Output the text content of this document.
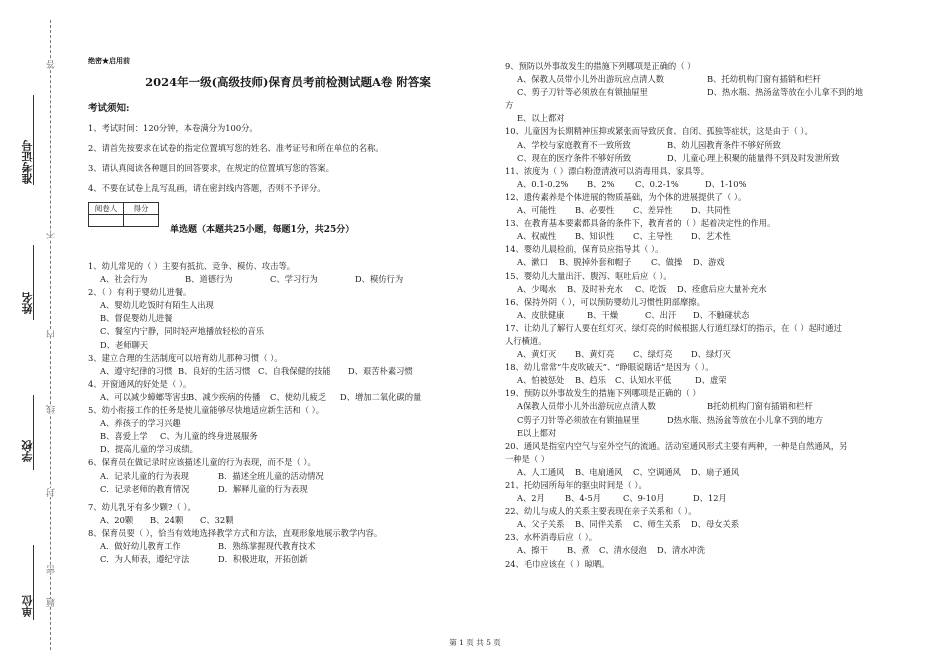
答
不
内
线
封
密
题
准考证号
姓名
学校
单位
绝密★启用前
2024年一级(高级技师)保育员考前检测试题A卷 附答案
考试须知:
1、考试时间：120分钟，本卷满分为100分。
2、请首先按要求在试卷的指定位置填写您的姓名、准考证号和所在单位的名称。
3、请认真阅读各种题目的回答要求，在规定的位置填写您的答案。
4、不要在试卷上乱写乱画，请在密封线内答题，否则不予评分。
阅卷人	得分

单选题（本题共25小题，每题1分，共25分）
1、幼儿常见的（ ）主要有抵抗、竞争、模仿、攻击等。
A、社会行为	B、道德行为	C、学习行为	D、模仿行为
2、（ ）有利于婴幼儿进餐。
A、婴幼儿吃饭时有陌生人出现
B、督促婴幼儿进餐
C、餐室内宁静，同时轻声地播放轻松的音乐
D、老师聊天
3、建立合理的生活制度可以培育幼儿那种习惯（ ）。
A、遵守纪律的习惯 B、良好的生活习惯 C、自我保健的技能	D、艰苦朴素习惯
4、开窗通风的好处是（ ）。
A、可以减少蟑螂等害虫 B、减少疾病的传播	C、使幼儿疲乏	D、增加二氧化碳的量
5、幼小衔接工作的任务是使儿童能够尽快地适应新生活和（ ）。
A、养孩子的学习兴趣
B、喜爱上学	C、为儿童的终身进展服务
D、提高儿童的学习成绩。
6、保育员在做记录时应该描述儿童的行为表现，而不是（ ）。
A．记录儿童的行为表现	B．描述全班儿童的活动情况
C．记录老师的教育情况	D．解释儿童的行为表现
7、幼儿乳牙有多少颗?（ ）。
A、20颗	B、24颗	C、32颗
8、保育员要（ ），恰当有效地选择教学方式和方法，直观形象地展示教学内容。
A．做好幼儿教育工作	B．熟练掌握现代教育技术
C．为人师表，遵纪守法	D．积极进取，开拓创新
9、预防以外事故发生的措施下列哪项是正确的（ ）
A、保教人员带小儿外出游玩应点清人数	B、托幼机构门窗有插销和栏杆
C、剪子刀针等必须放在有锁抽屉里	D、热水瓶、热汤盆等放在小儿拿不到的地
方
E、以上都对
10、儿童因为长期精神压抑或紧张而导致厌食、自闭、孤独等症状，这是由于（ ）。
A、学校与家庭教育不一致所致	B、幼儿园教育条件不够好所致
C、现在的医疗条件不够好所致	D、儿童心理上积聚的能量得不到及时发泄所致
11、浓度为（ ）漂白粉澄清液可以消毒用具、家具等。
A、0.1-0.2%	B、2%	C、0.2-1%	D、1-10%
12、遗传素养是个体进展的物质基础，为个体的进展提供了（ ）。
A、可能性	B、必要性	C、差异性	D、共同性
13、在教育基本要素都具备的条件下，教育者的（ ）起着决定性的作用。
A、权威性	B、知识性	C、主导性	D、艺术性
14、婴幼儿晨检前，保育员应指导其（ ）。
A、漱口	B、脱掉外套和帽子	C、做操	D、游戏
15、婴幼儿大量出汗、腹泻、呕吐后应（ ）。
A、少喝水	B、及时补充水	C、吃饭	D、痊愈后应大量补充水
16、保持外阴（ ），可以预防婴幼儿习惯性阴部摩擦。
A、皮肤健康	B、干燥	C、出汗	D、不触碰状态
17、让幼儿了解行人要在红灯灭、绿灯亮的时候根据人行道红绿灯的指示，在（ ）起时通过
人行横道。
A、黄灯灭	B、黄灯亮	C、绿灯亮	D、绿灯灭
18、幼儿常常“牛皮吹破天”、“睁眼说瞎话”是因为（ ）。
A、怕被惩处	B、趋乐	C、认知水平低	D、虚荣
19、预防以外事故发生的措施下列哪项是正确的（ ）
A保教人员带小儿外出游玩应点清人数	B托幼机构门窗有插销和栏杆
C剪子刀针等必须放在有锁抽屉里	D热水瓶、热汤盆等放在小儿拿不到的地方
E以上都对
20、通风是指室内空气与室外空气的流通。活动室通风形式主要有两种，一种是自然通风，另
一种是（ ）
A、人工通风	B、电扇通风	C、空调通风	D、扇子通风
21、托幼园所每年的驱虫时间是（ ）。
A、2月	B、4-5月	C、9-10月	D、12月
22、幼儿与成人的关系主要表现在亲子关系和（ ）。
A、父子关系	B、同伴关系	C、师生关系	D、母女关系
23、水杯消毒后应（ ）。
A、擦干	B、煮	C、清水侵泡	D、清水冲洗
24、毛巾应该在（ ）晾晒。
第 1 页 共 5 页
